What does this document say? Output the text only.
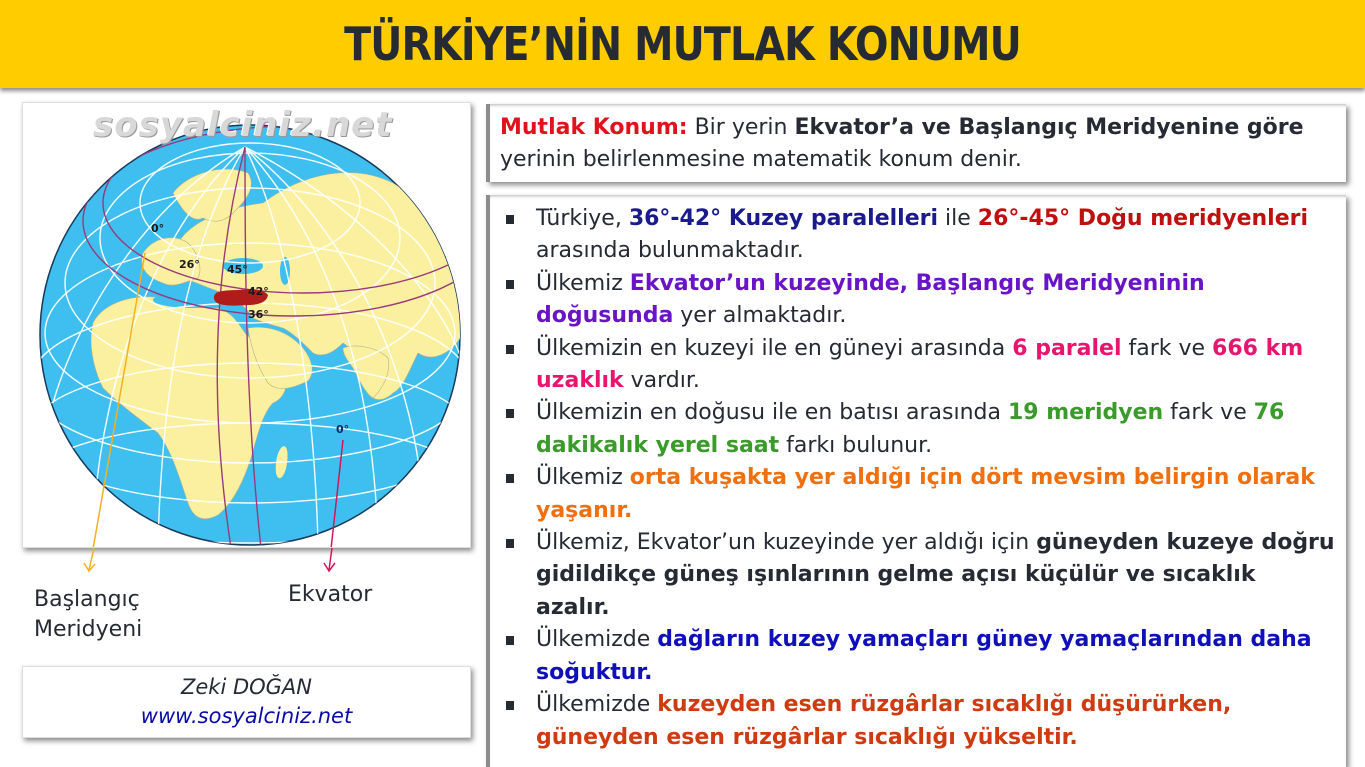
TÜRKİYE’NİN MUTLAK KONUMU
0°
26° 45°
42°
36°
0°
sosyalciniz.net
Başlangıç
Meridyeni
Ekvator
Zeki DOĞAN
www.sosyalciniz.net
Mutlak Konum: Bir yerin Ekvator’a ve Başlangıç Meridyenine göre yerinin belirlenmesine matematik konum denir.
Türkiye, 36°-42° Kuzey paralelleri ile 26°-45° Doğu meridyenleri arasında bulunmaktadır.
Ülkemiz Ekvator’un kuzeyinde, Başlangıç Meridyeninin doğusunda yer almaktadır.
Ülkemizin en kuzeyi ile en güneyi arasında 6 paralel fark ve 666 km uzaklık vardır.
Ülkemizin en doğusu ile en batısı arasında 19 meridyen fark ve 76 dakikalık yerel saat farkı bulunur.
Ülkemiz orta kuşakta yer aldığı için dört mevsim belirgin olarak yaşanır.
Ülkemiz, Ekvator’un kuzeyinde yer aldığı için güneyden kuzeye doğru gidildikçe güneş ışınlarının gelme açısı küçülür ve sıcaklık azalır.
Ülkemizde dağların kuzey yamaçları güney yamaçlarından daha soğuktur.
Ülkemizde kuzeyden esen rüzgârlar sıcaklığı düşürürken, güneyden esen rüzgârlar sıcaklığı yükseltir.
